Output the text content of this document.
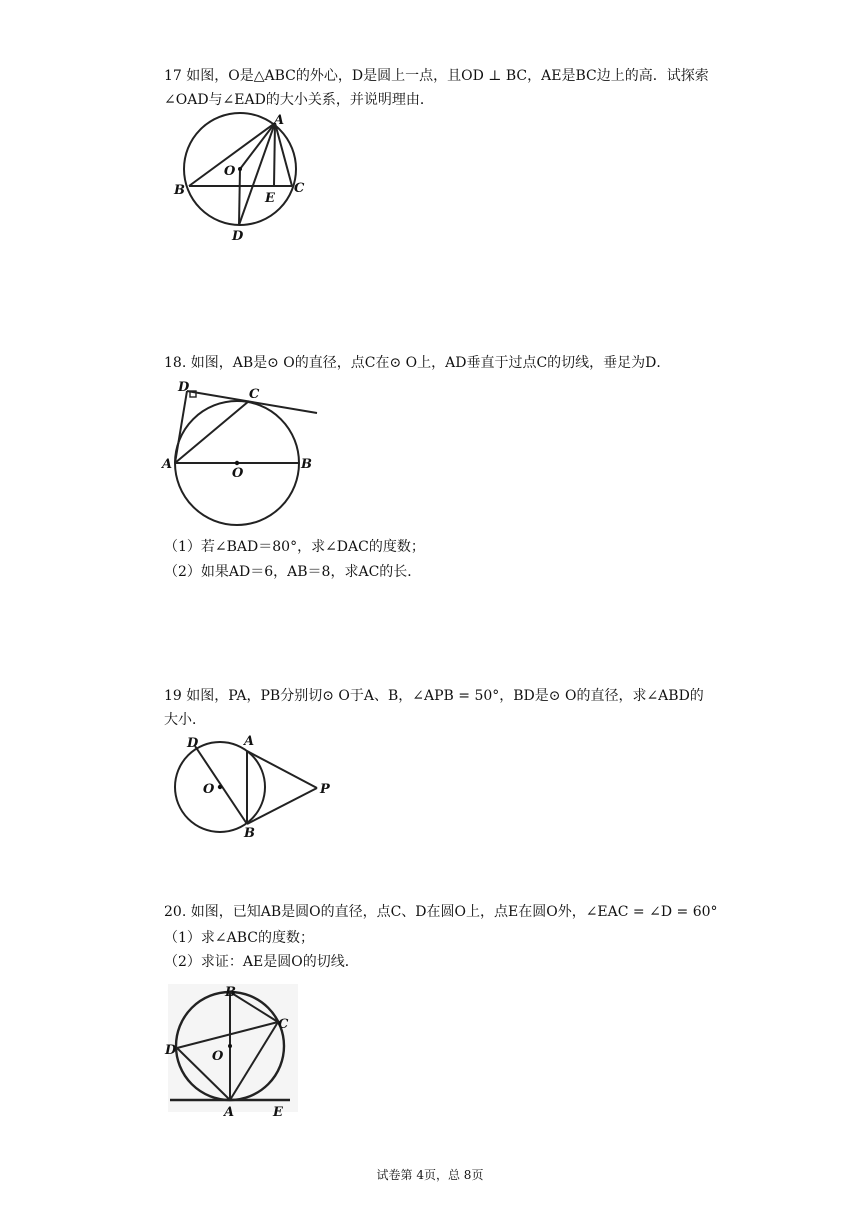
17 如图，O是△ABC的外心，D是圆上一点，且OD ⊥ BC，AE是BC边上的高．试探索
∠OAD与∠EAD的大小关系，并说明理由．
A
B	C
O
E
D
18. 如图，AB是⊙ O的直径，点C在⊙ O上，AD垂直于过点C的切线，垂足为D．
D	C
A
O
B
（1）若∠BAD＝80°，求∠DAC的度数；
（2）如果AD＝6，AB＝8，求AC的长．
19 如图，PA，PB分别切⊙ O于A、B，∠APB = 50°，BD是⊙ O的直径，求∠ABD的
大小．
D	A
O	P
B
20. 如图，已知AB是圆O的直径，点C、D在圆O上，点E在圆O外，∠EAC = ∠D = 60°
（1）求∠ABC的度数；
（2）求证：AE是圆O的切线．
B
C
D	O
A	E
试卷第 4页，总 8页
